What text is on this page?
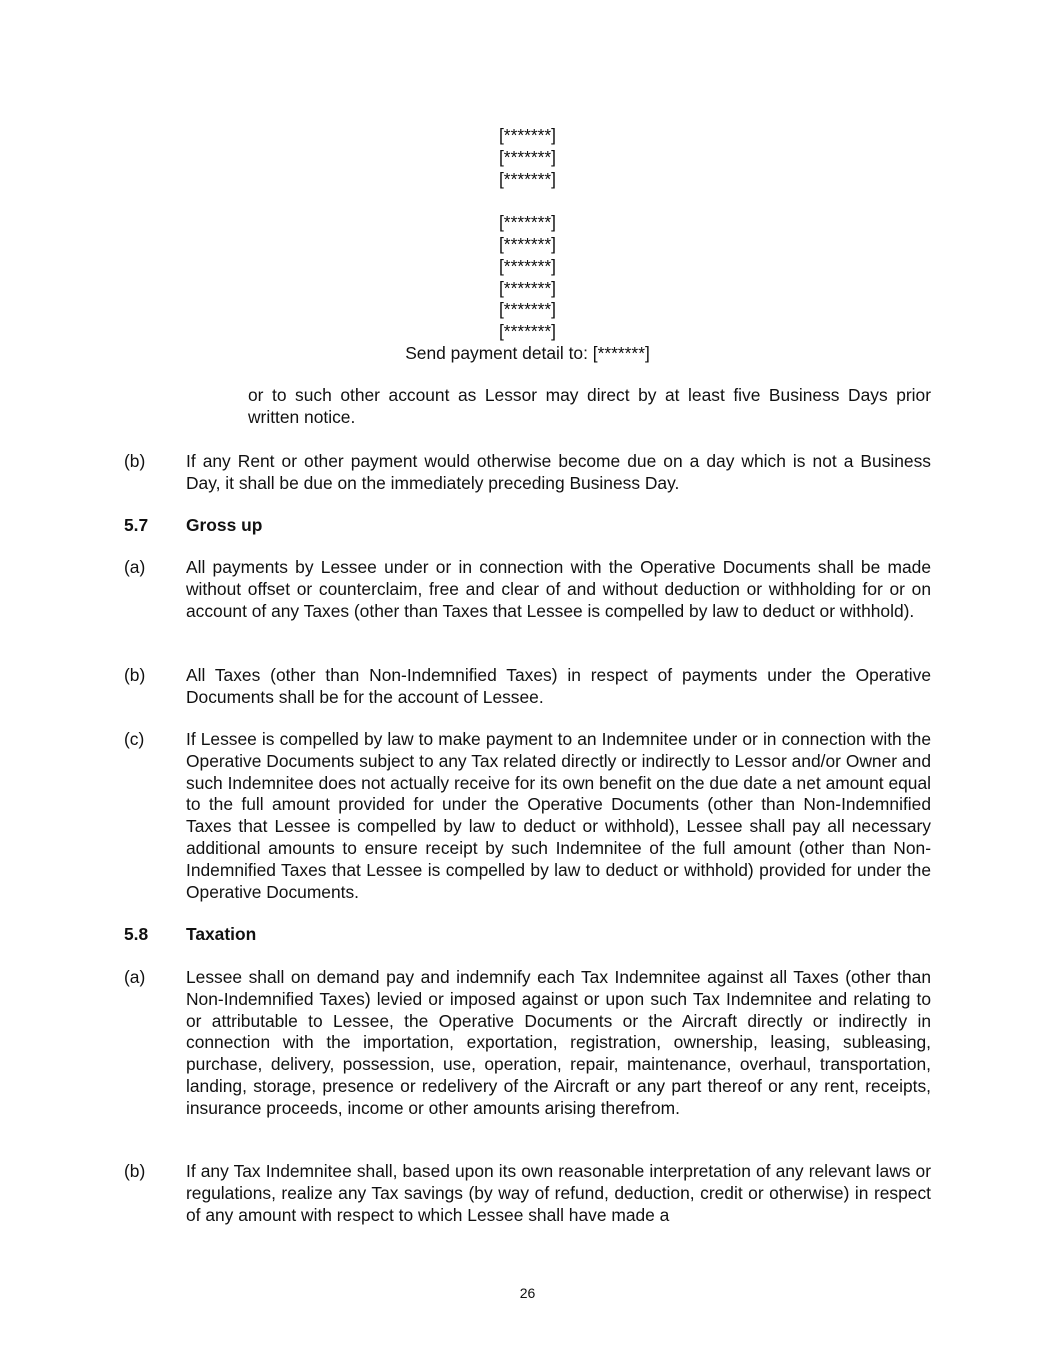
[*******]
[*******]
[*******]
[*******]
[*******]
[*******]
[*******]
[*******]
[*******]
Send payment detail to: [*******]
or to such other account as Lessor may direct by at least five Business Days prior written notice.
(b) If any Rent or other payment would otherwise become due on a day which is not a Business Day, it shall be due on the immediately preceding Business Day.
5.7 Gross up
(a) All payments by Lessee under or in connection with the Operative Documents shall be made without offset or counterclaim, free and clear of and without deduction or withholding for or on account of any Taxes (other than Taxes that Lessee is compelled by law to deduct or withhold).
(b) All Taxes (other than Non-Indemnified Taxes) in respect of payments under the Operative Documents shall be for the account of Lessee.
(c) If Lessee is compelled by law to make payment to an Indemnitee under or in connection with the Operative Documents subject to any Tax related directly or indirectly to Lessor and/or Owner and such Indemnitee does not actually receive for its own benefit on the due date a net amount equal to the full amount provided for under the Operative Documents (other than Non-Indemnified Taxes that Lessee is compelled by law to deduct or withhold), Lessee shall pay all necessary additional amounts to ensure receipt by such Indemnitee of the full amount (other than Non-Indemnified Taxes that Lessee is compelled by law to deduct or withhold) provided for under the Operative Documents.
5.8 Taxation
(a) Lessee shall on demand pay and indemnify each Tax Indemnitee against all Taxes (other than Non-Indemnified Taxes) levied or imposed against or upon such Tax Indemnitee and relating to or attributable to Lessee, the Operative Documents or the Aircraft directly or indirectly in connection with the importation, exportation, registration, ownership, leasing, subleasing, purchase, delivery, possession, use, operation, repair, maintenance, overhaul, transportation, landing, storage, presence or redelivery of the Aircraft or any part thereof or any rent, receipts, insurance proceeds, income or other amounts arising therefrom.
(b) If any Tax Indemnitee shall, based upon its own reasonable interpretation of any relevant laws or regulations, realize any Tax savings (by way of refund, deduction, credit or otherwise) in respect of any amount with respect to which Lessee shall have made a
26
